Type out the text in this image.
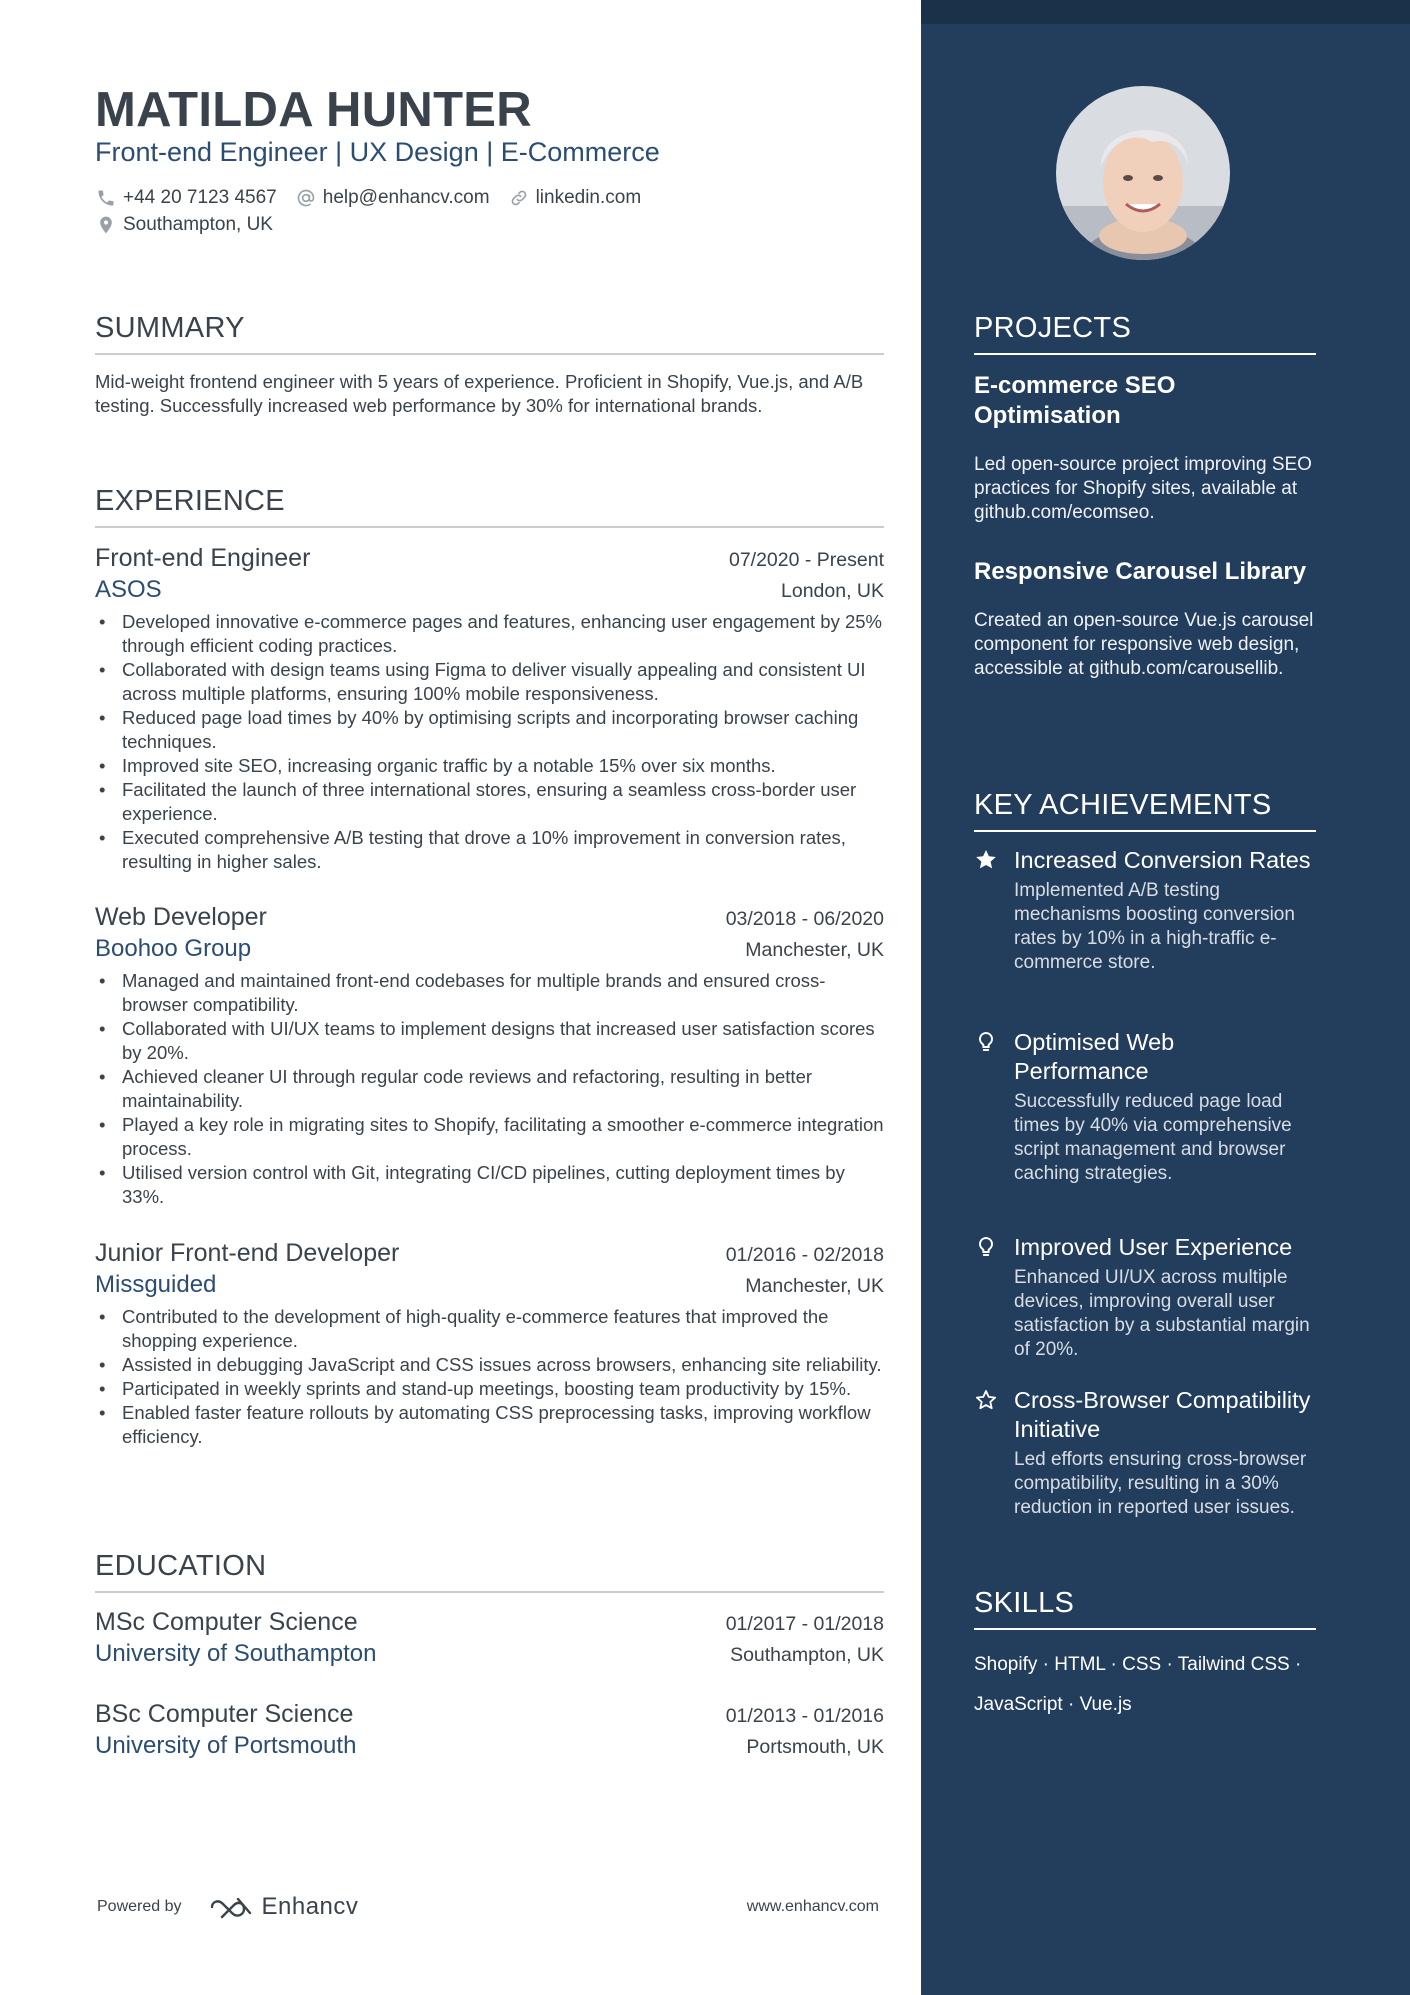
MATILDA HUNTER
Front-end Engineer | UX Design | E-Commerce
+44 20 7123 4567 help@enhancv.com linkedin.com
Southampton, UK
SUMMARY
Mid-weight frontend engineer with 5 years of experience. Proficient in Shopify, Vue.js, and A/B testing. Successfully increased web performance by 30% for international brands.
EXPERIENCE
Front-end Engineer	07/2020 - Present
ASOS	London, UK
• Developed innovative e-commerce pages and features, enhancing user engagement by 25% through efficient coding practices.
• Collaborated with design teams using Figma to deliver visually appealing and consistent UI across multiple platforms, ensuring 100% mobile responsiveness.
• Reduced page load times by 40% by optimising scripts and incorporating browser caching techniques.
• Improved site SEO, increasing organic traffic by a notable 15% over six months.
• Facilitated the launch of three international stores, ensuring a seamless cross-border user experience.
• Executed comprehensive A/B testing that drove a 10% improvement in conversion rates, resulting in higher sales.
Web Developer	03/2018 - 06/2020
Boohoo Group	Manchester, UK
• Managed and maintained front-end codebases for multiple brands and ensured cross-browser compatibility.
• Collaborated with UI/UX teams to implement designs that increased user satisfaction scores by 20%.
• Achieved cleaner UI through regular code reviews and refactoring, resulting in better maintainability.
• Played a key role in migrating sites to Shopify, facilitating a smoother e-commerce integration process.
• Utilised version control with Git, integrating CI/CD pipelines, cutting deployment times by 33%.
Junior Front-end Developer	01/2016 - 02/2018
Missguided	Manchester, UK
• Contributed to the development of high-quality e-commerce features that improved the shopping experience.
• Assisted in debugging JavaScript and CSS issues across browsers, enhancing site reliability.
• Participated in weekly sprints and stand-up meetings, boosting team productivity by 15%.
• Enabled faster feature rollouts by automating CSS preprocessing tasks, improving workflow efficiency.
EDUCATION
MSc Computer Science	01/2017 - 01/2018
University of Southampton	Southampton, UK
BSc Computer Science	01/2013 - 01/2016
University of Portsmouth	Portsmouth, UK
Powered by	Enhancv	www.enhancv.com
PROJECTS
E-commerce SEO Optimisation
Led open-source project improving SEO practices for Shopify sites, available at github.com/ecomseo.
Responsive Carousel Library
Created an open-source Vue.js carousel component for responsive web design, accessible at github.com/carousellib.
KEY ACHIEVEMENTS
Increased Conversion Rates
Implemented A/B testing mechanisms boosting conversion rates by 10% in a high-traffic e-commerce store.
Optimised Web Performance
Successfully reduced page load times by 40% via comprehensive script management and browser caching strategies.
Improved User Experience
Enhanced UI/UX across multiple devices, improving overall user satisfaction by a substantial margin of 20%.
Cross-Browser Compatibility Initiative
Led efforts ensuring cross-browser compatibility, resulting in a 30% reduction in reported user issues.
SKILLS
Shopify · HTML · CSS · Tailwind CSS ·
JavaScript · Vue.js
